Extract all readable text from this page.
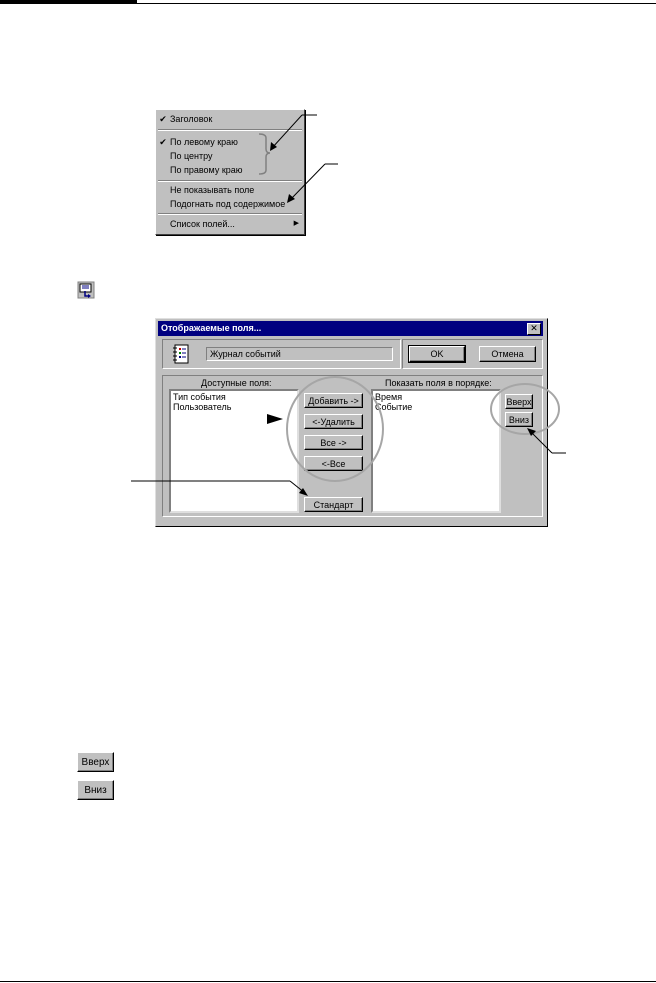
✔ Заголовок
✔ По левому краю
По центру
По правому краю
Не показывать поле
Подогнать под содержимое
Список полей...	▶
Отображаемые поля...	✕
Журнал событий	OK	Отмена
Доступные поля:
Тип события
Пользователь
Добавить ->
<-Удалить
Все ->
<-Все
Стандарт
Показать поля в порядке:
Время
Событие
Вверх
Вниз
Вверх
Вниз
